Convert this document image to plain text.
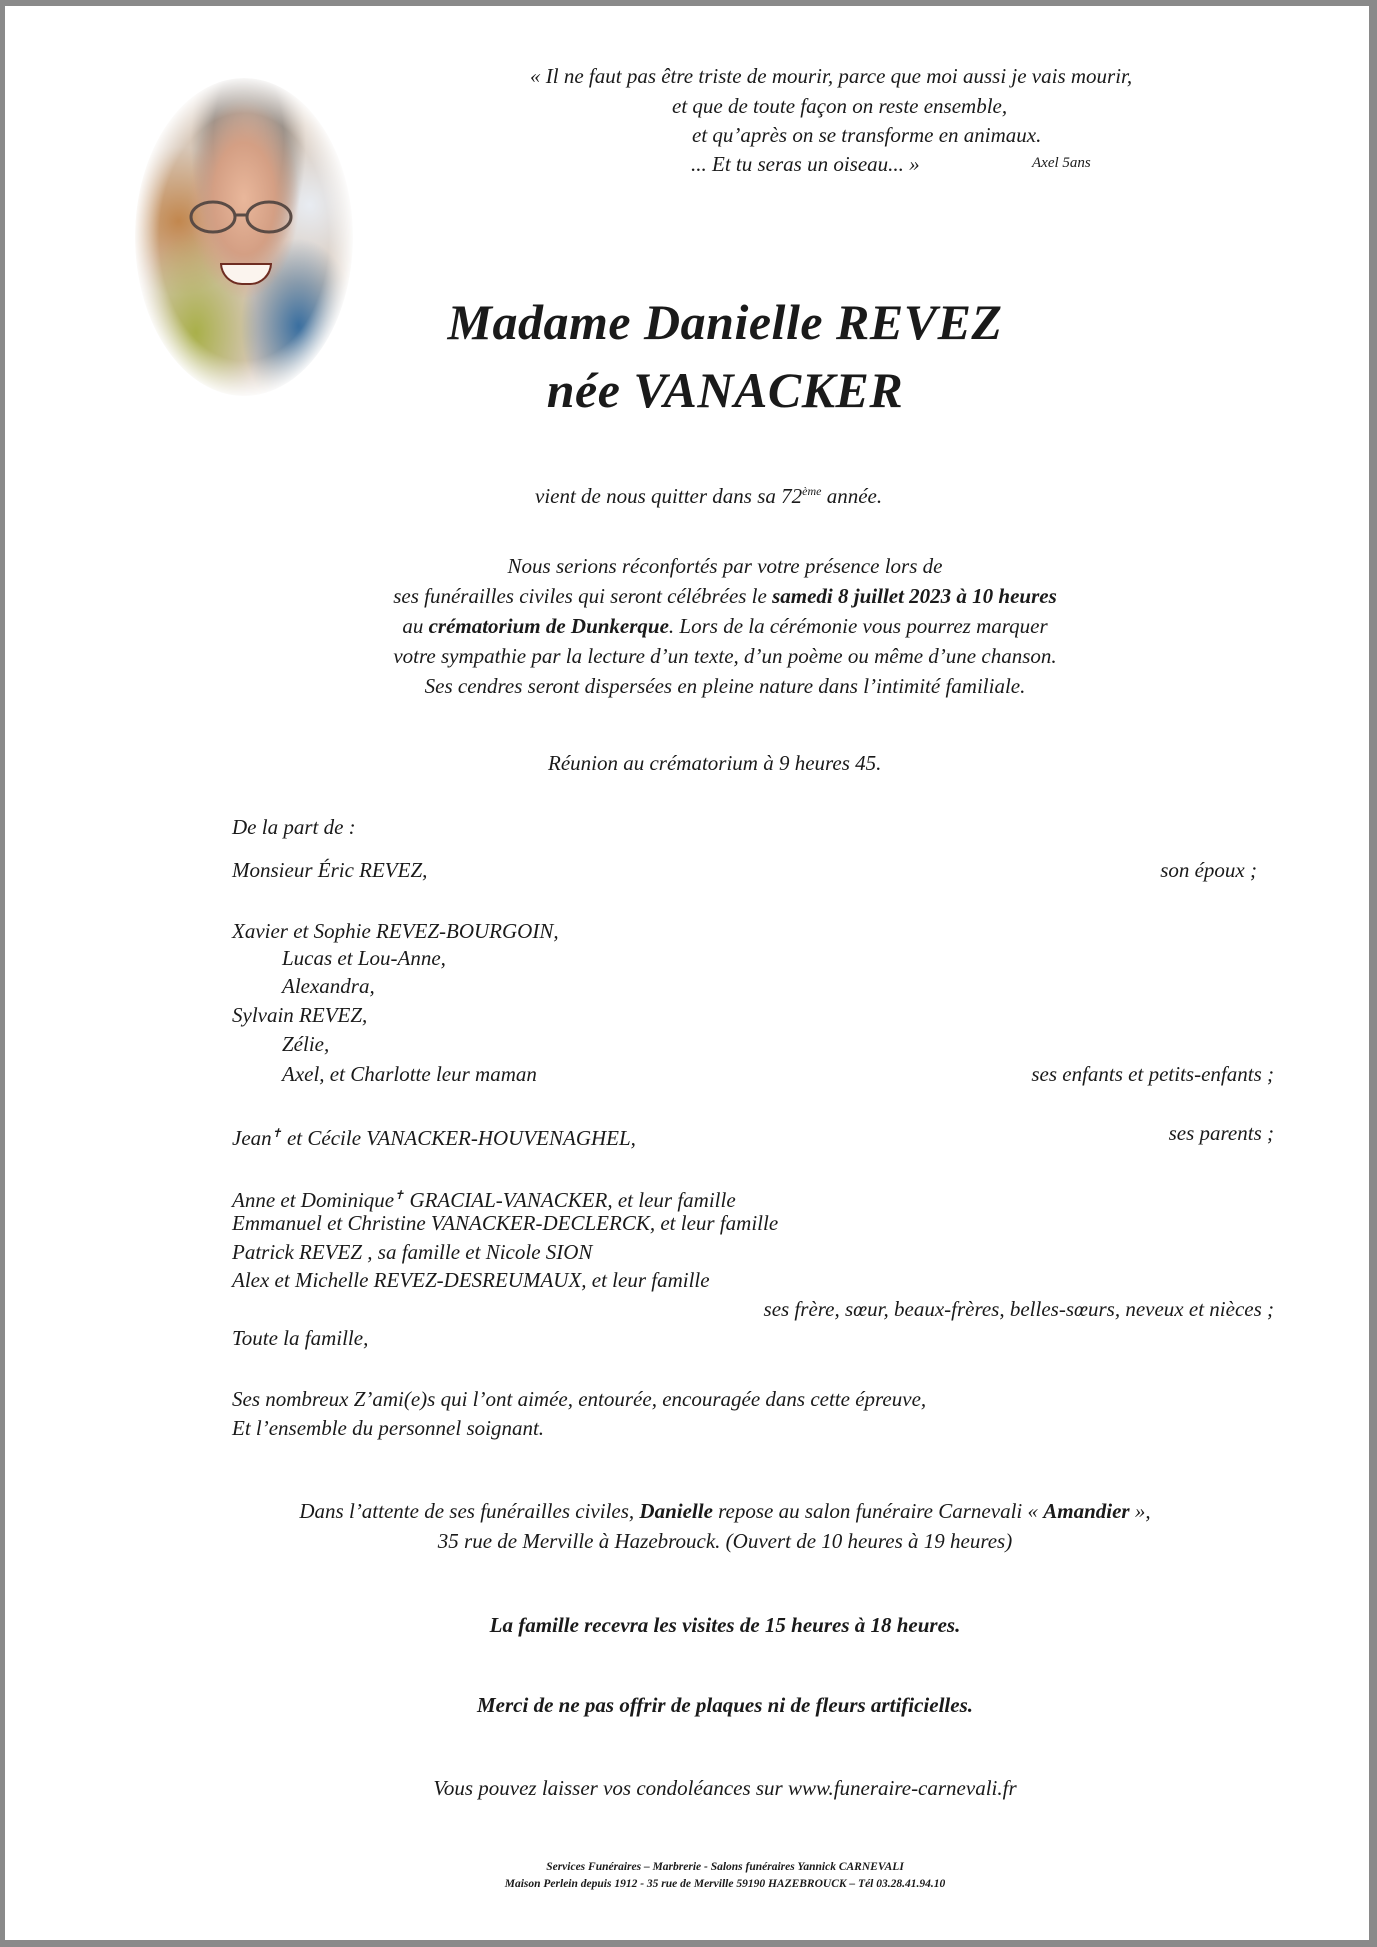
« Il ne faut pas être triste de mourir, parce que moi aussi je vais mourir,

et que de toute façon on reste ensemble,

et qu’après on se transforme en animaux.

... Et tu seras un oiseau... »	Axel 5ans

Madame Danielle REVEZ
née VANACKER

vient de nous quitter dans sa 72ème année.

Nous serions réconfortés par votre présence lors de
ses funérailles civiles qui seront célébrées le samedi 8 juillet 2023 à 10 heures
au crématorium de Dunkerque. Lors de la cérémonie vous pourrez marquer
votre sympathie par la lecture d’un texte, d’un poème ou même d’une chanson.
Ses cendres seront dispersées en pleine nature dans l’intimité familiale.

Réunion au crématorium à 9 heures 45.

De la part de :

Monsieur Éric REVEZ,	son époux ;

Xavier et Sophie REVEZ-BOURGOIN,

Lucas et Lou-Anne,

Alexandra,

Sylvain REVEZ,

Zélie,

Axel, et Charlotte leur maman	ses enfants et petits-enfants ;

Jean✝ et Cécile VANACKER-HOUVENAGHEL,	ses parents ;

Anne et Dominique✝ GRACIAL-VANACKER, et leur famille

Emmanuel et Christine VANACKER-DECLERCK, et leur famille

Patrick REVEZ , sa famille et Nicole SION

Alex et Michelle REVEZ-DESREUMAUX, et leur famille

ses frère, sœur, beaux-frères, belles-sœurs, neveux et nièces ;

Toute la famille,

Ses nombreux Z’ami(e)s qui l’ont aimée, entourée, encouragée dans cette épreuve,

Et l’ensemble du personnel soignant.

Dans l’attente de ses funérailles civiles, Danielle repose au salon funéraire Carnevali « Amandier »,
35 rue de Merville à Hazebrouck. (Ouvert de 10 heures à 19 heures)
La famille recevra les visites de 15 heures à 18 heures.
Merci de ne pas offrir de plaques ni de fleurs artificielles.
Vous pouvez laisser vos condoléances sur www.funeraire-carnevali.fr
Services Funéraires – Marbrerie - Salons funéraires Yannick CARNEVALI
Maison Perlein depuis 1912 - 35 rue de Merville 59190 HAZEBROUCK – Tél 03.28.41.94.10
